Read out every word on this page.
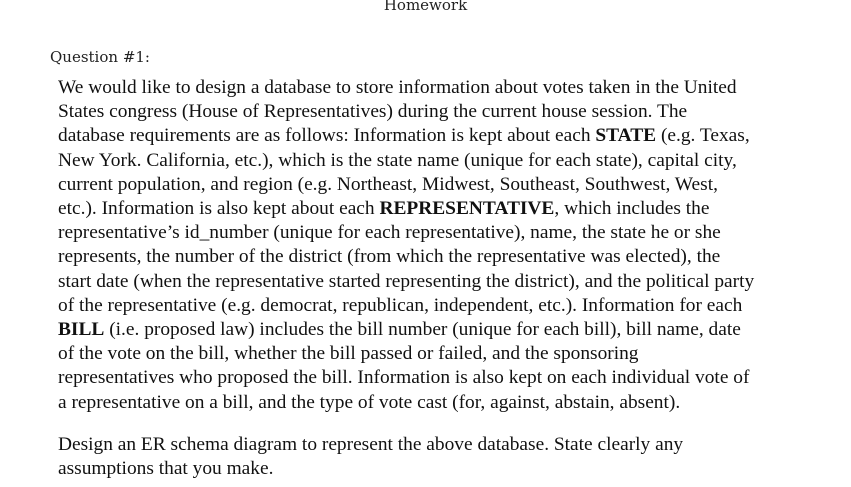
Homework
Question #1:

We would like to design a database to store information about votes taken in the United
States congress (House of Representatives) during the current house session. The
database requirements are as follows: Information is kept about each STATE (e.g. Texas,
New York. California, etc.), which is the state name (unique for each state), capital city,
current population, and region (e.g. Northeast, Midwest, Southeast, Southwest, West,
etc.). Information is also kept about each REPRESENTATIVE, which includes the
representative’s id_number (unique for each representative), name, the state he or she
represents, the number of the district (from which the representative was elected), the
start date (when the representative started representing the district), and the political party
of the representative (e.g. democrat, republican, independent, etc.). Information for each
BILL (i.e. proposed law) includes the bill number (unique for each bill), bill name, date
of the vote on the bill, whether the bill passed or failed, and the sponsoring
representatives who proposed the bill. Information is also kept on each individual vote of
a representative on a bill, and the type of vote cast (for, against, abstain, absent).

Design an ER schema diagram to represent the above database. State clearly any
assumptions that you make.
